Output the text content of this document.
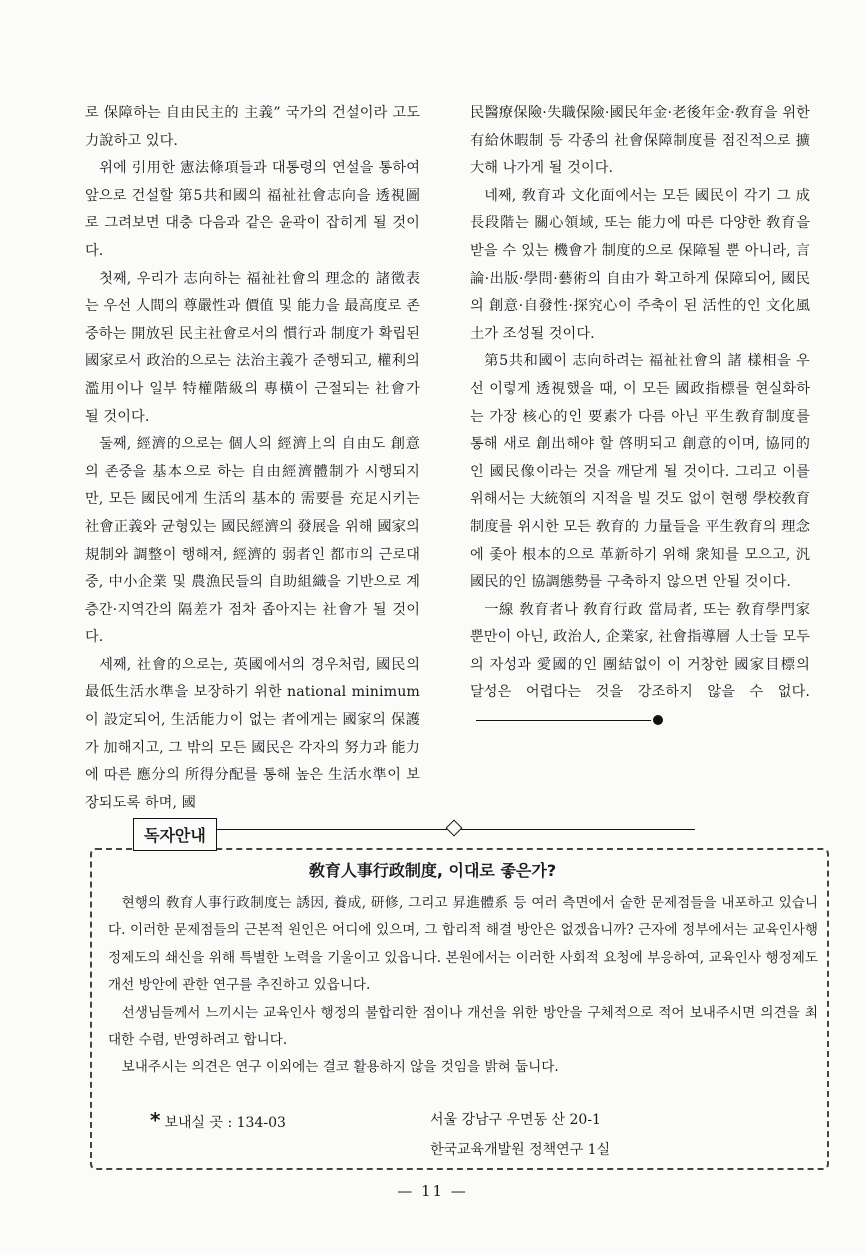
로 保障하는 自由民主的 主義” 국가의 건설이라 고도 力說하고 있다.

위에 引用한 憲法條項들과 대통령의 연설을 통하여 앞으로 건설할 第5共和國의 福祉社會志向을 透視圖로 그려보면 대충 다음과 같은 윤곽이 잡히게 될 것이다.

첫째, 우리가 志向하는 福祉社會의 理念的 諸徵表는 우선 人間의 尊嚴性과 價值 및 能力을 最高度로 존중하는 開放된 民主社會로서의 慣行과 制度가 확립된 國家로서 政治的으로는 法治主義가 준행되고, 權利의 濫用이나 일부 特權階級의 專橫이 근절되는 社會가 될 것이다.

둘째, 經濟的으로는 個人의 經濟上의 自由도 創意의 존중을 基本으로 하는 自由經濟體制가 시행되지만, 모든 國民에게 生活의 基本的 需要를 充足시키는 社會正義와 균형있는 國民經濟의 發展을 위해 國家의 規制와 調整이 행해져, 經濟的 弱者인 都市의 근로대중, 中小企業 및 農漁民들의 自助組織을 기반으로 계층간·지역간의 隔差가 점차 좁아지는 社會가 될 것이다.

세째, 社會的으로는, 英國에서의 경우처럼, 國民의 最低生活水準을 보장하기 위한 national minimum이 設定되어, 生活能力이 없는 者에게는 國家의 保護가 加해지고, 그 밖의 모든 國民은 각자의 努力과 能力에 따른 應分의 所得分配를 통해 높은 生活水準이 보장되도록 하며, 國

民醫療保險·失職保險·國民年金·老後年金·敎育을 위한 有給休暇制 등 각종의 社會保障制度를 점진적으로 擴大해 나가게 될 것이다.

네째, 敎育과 文化面에서는 모든 國民이 각기 그 成長段階는 關心領域, 또는 能力에 따른 다양한 敎育을 받을 수 있는 機會가 制度的으로 保障될 뿐 아니라, 言論·出版·學問·藝術의 自由가 확고하게 保障되어, 國民의 創意·自發性·探究心이 주축이 된 活性的인 文化風土가 조성될 것이다.

第5共和國이 志向하려는 福祉社會의 諸 樣相을 우선 이렇게 透視했을 때, 이 모든 國政指標를 현실화하는 가장 核心的인 要素가 다름 아닌 平生敎育制度를 통해 새로 創出해야 할 啓明되고 創意的이며, 協同的인 國民像이라는 것을 깨닫게 될 것이다. 그리고 이를 위해서는 大統領의 지적을 빌 것도 없이 현행 學校敎育制度를 위시한 모든 敎育的 力量들을 平生敎育의 理念에 좇아 根本的으로 革新하기 위해 衆知를 모으고, 汎國民的인 協調態勢를 구축하지 않으면 안될 것이다.

一線 敎育者나 敎育行政 當局者, 또는 敎育學門家 뿐만이 아닌, 政治人, 企業家, 社會指導層 人士들 모두의 자성과 愛國的인 團結없이 이 거창한 國家目標의 달성은 어렵다는 것을 강조하지 않을 수 없다.

독자안내
敎育人事行政制度, 이대로 좋은가?

현행의 敎育人事行政制度는 誘因, 養成, 研修, 그리고 昇進體系 등 여러 측면에서 숱한 문제점들을 내포하고 있습니다. 이러한 문제점들의 근본적 원인은 어디에 있으며, 그 합리적 해결 방안은 없겠읍니까? 근자에 정부에서는 교육인사행정제도의 쇄신을 위해 특별한 노력을 기울이고 있읍니다. 본원에서는 이러한 사회적 요청에 부응하여, 교육인사 행정제도 개선 방안에 관한 연구를 추진하고 있읍니다.

선생님들께서 느끼시는 교육인사 행정의 불합리한 점이나 개선을 위한 방안을 구체적으로 적어 보내주시면 의견을 최대한 수렴, 반영하려고 합니다.

보내주시는 의견은 연구 이외에는 결코 활용하지 않을 것임을 밝혀 둡니다.

* 보내실 곳 : 134-03	서울 강남구 우면동 산 20-1
한국교육개발원 정책연구 1실
— 11 —
